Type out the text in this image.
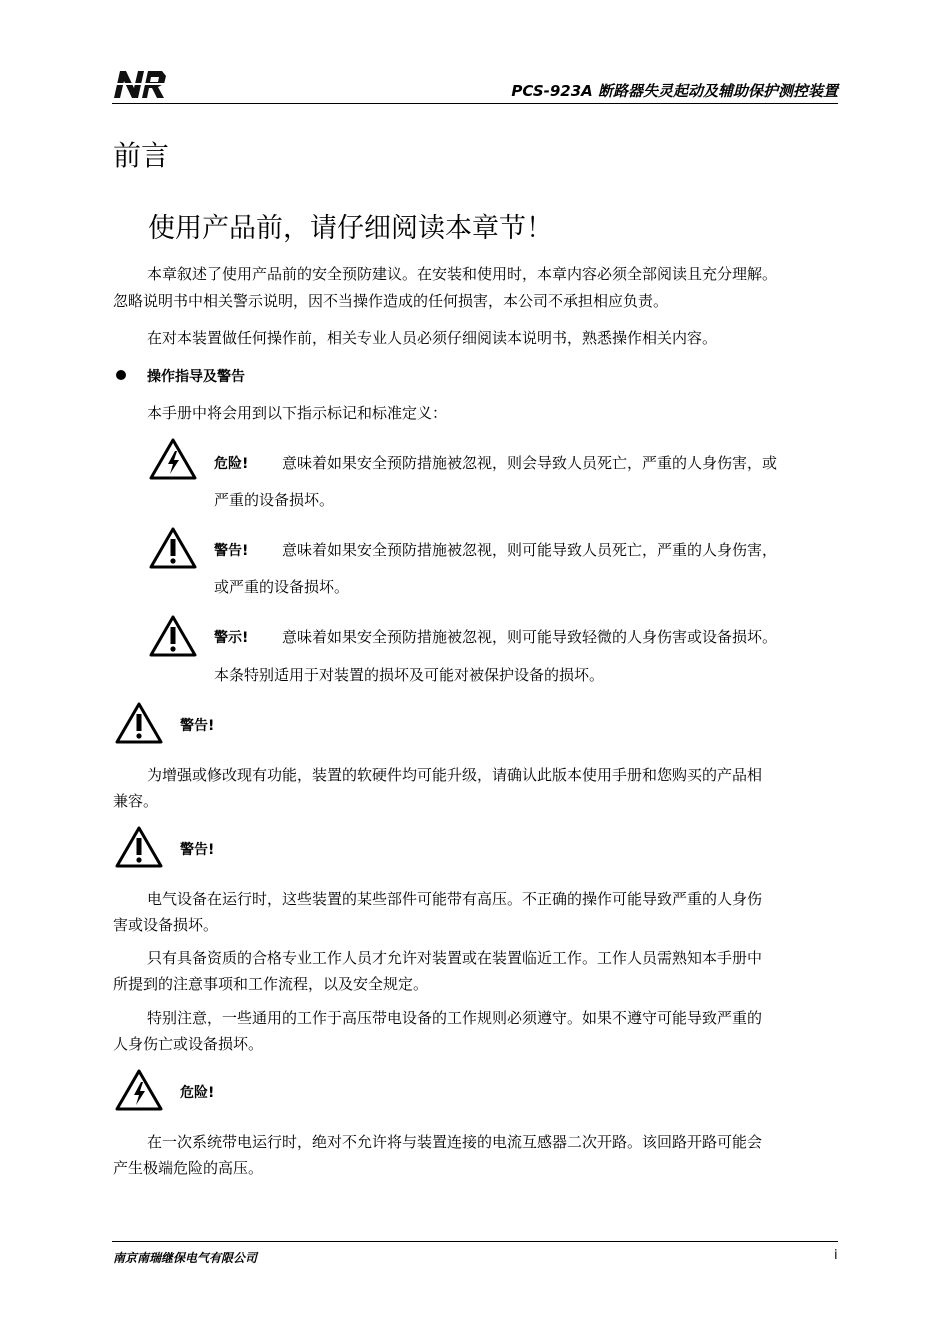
PCS-923A 断路器失灵起动及辅助保护测控装置
前言
使用产品前，请仔细阅读本章节！
本章叙述了使用产品前的安全预防建议。在安装和使用时，本章内容必须全部阅读且充分理解。
忽略说明书中相关警示说明，因不当操作造成的任何损害，本公司不承担相应负责。
在对本装置做任何操作前，相关专业人员必须仔细阅读本说明书，熟悉操作相关内容。
操作指导及警告
本手册中将会用到以下指示标记和标准定义：
危险! 意味着如果安全预防措施被忽视，则会导致人员死亡，严重的人身伤害，或
严重的设备损坏。
警告! 意味着如果安全预防措施被忽视，则可能导致人员死亡，严重的人身伤害，
或严重的设备损坏。
警示! 意味着如果安全预防措施被忽视，则可能导致轻微的人身伤害或设备损坏。
本条特别适用于对装置的损坏及可能对被保护设备的损坏。
警告!
为增强或修改现有功能，装置的软硬件均可能升级，请确认此版本使用手册和您购买的产品相
兼容。
警告!
电气设备在运行时，这些装置的某些部件可能带有高压。不正确的操作可能导致严重的人身伤
害或设备损坏。
只有具备资质的合格专业工作人员才允许对装置或在装置临近工作。工作人员需熟知本手册中
所提到的注意事项和工作流程，以及安全规定。
特别注意，一些通用的工作于高压带电设备的工作规则必须遵守。如果不遵守可能导致严重的
人身伤亡或设备损坏。
危险!
在一次系统带电运行时，绝对不允许将与装置连接的电流互感器二次开路。该回路开路可能会
产生极端危险的高压。
南京南瑞继保电气有限公司	i
